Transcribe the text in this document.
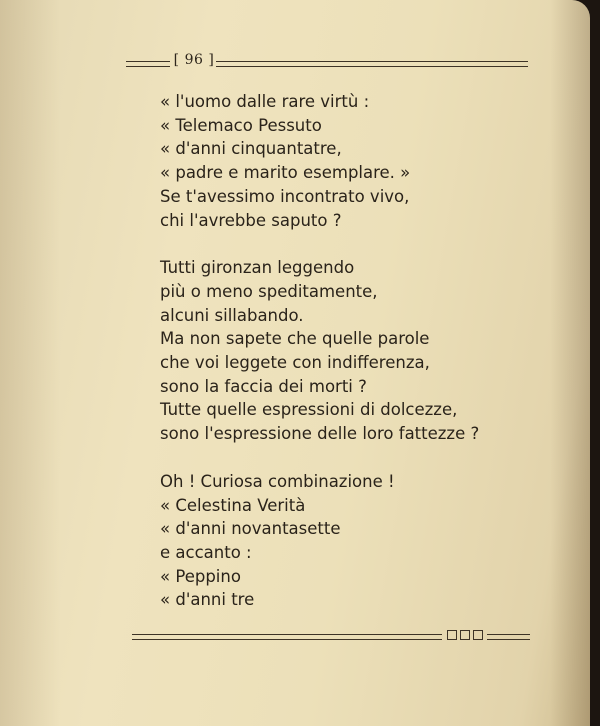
[ 96 ]
« l'uomo dalle rare virtù :
« Telemaco Pessuto
« d'anni cinquantatre,
« padre e marito esemplare. »
Se t'avessimo incontrato vivo,
chi l'avrebbe saputo ?
Tutti gironzan leggendo
più o meno speditamente,
alcuni sillabando.
Ma non sapete che quelle parole
che voi leggete con indifferenza,
sono la faccia dei morti ?
Tutte quelle espressioni di dolcezze,
sono l'espressione delle loro fattezze ?
Oh ! Curiosa combinazione !
« Celestina Verità
« d'anni novantasette
e accanto :
« Peppino
« d'anni tre
